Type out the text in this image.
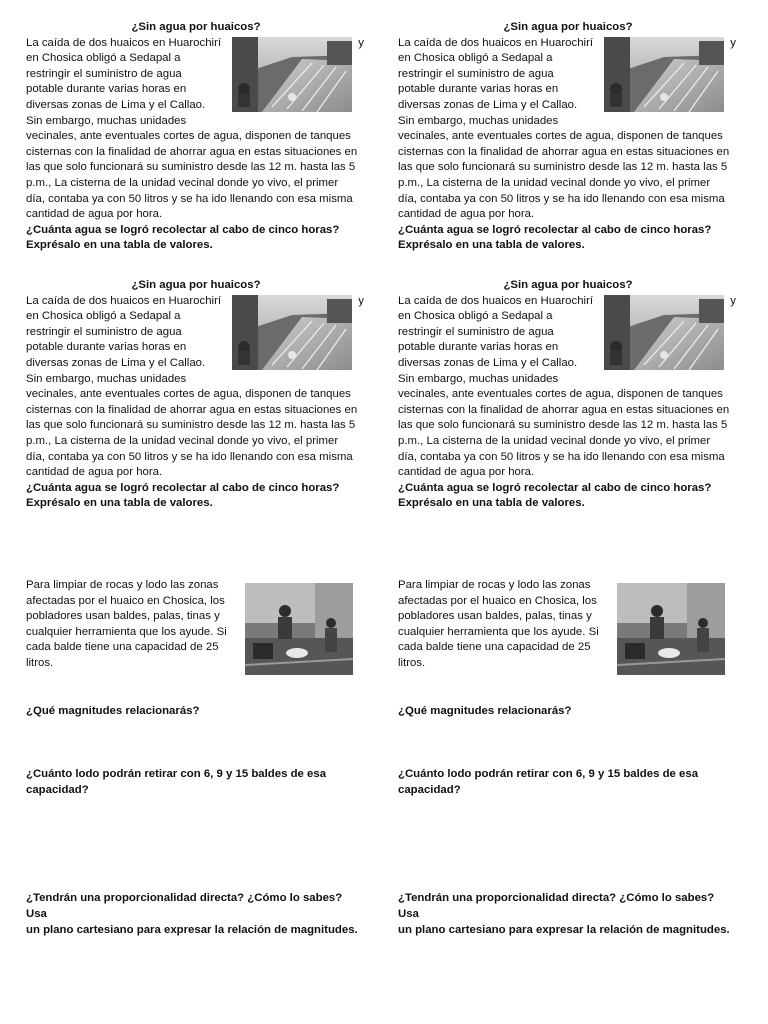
¿Sin agua por huaicos?
La caída de dos huaicos en Huarochirí
en Chosica obligó a Sedapal a
restringir el suministro de agua
potable durante varias horas en
diversas zonas de Lima y el Callao.
Sin embargo, muchas unidades
y
vecinales, ante eventuales cortes de agua, disponen de tanques
cisternas con la finalidad de ahorrar agua en estas situaciones en
las que solo funcionará su suministro desde las 12 m. hasta las 5
p.m., La cisterna de la unidad vecinal donde yo vivo, el primer
día, contaba ya con 50 litros y se ha ido llenando con esa misma
cantidad de agua por hora.
¿Cuánta agua se logró recolectar al cabo de cinco horas?
Exprésalo en una tabla de valores.
¿Sin agua por huaicos?
La caída de dos huaicos en Huarochirí
en Chosica obligó a Sedapal a
restringir el suministro de agua
potable durante varias horas en
diversas zonas de Lima y el Callao.
Sin embargo, muchas unidades
y
vecinales, ante eventuales cortes de agua, disponen de tanques
cisternas con la finalidad de ahorrar agua en estas situaciones en
las que solo funcionará su suministro desde las 12 m. hasta las 5
p.m., La cisterna de la unidad vecinal donde yo vivo, el primer
día, contaba ya con 50 litros y se ha ido llenando con esa misma
cantidad de agua por hora.
¿Cuánta agua se logró recolectar al cabo de cinco horas?
Exprésalo en una tabla de valores.
¿Sin agua por huaicos?
La caída de dos huaicos en Huarochirí
en Chosica obligó a Sedapal a
restringir el suministro de agua
potable durante varias horas en
diversas zonas de Lima y el Callao.
Sin embargo, muchas unidades
y
vecinales, ante eventuales cortes de agua, disponen de tanques
cisternas con la finalidad de ahorrar agua en estas situaciones en
las que solo funcionará su suministro desde las 12 m. hasta las 5
p.m., La cisterna de la unidad vecinal donde yo vivo, el primer
día, contaba ya con 50 litros y se ha ido llenando con esa misma
cantidad de agua por hora.
¿Cuánta agua se logró recolectar al cabo de cinco horas?
Exprésalo en una tabla de valores.
¿Sin agua por huaicos?
La caída de dos huaicos en Huarochirí
en Chosica obligó a Sedapal a
restringir el suministro de agua
potable durante varias horas en
diversas zonas de Lima y el Callao.
Sin embargo, muchas unidades
y
vecinales, ante eventuales cortes de agua, disponen de tanques
cisternas con la finalidad de ahorrar agua en estas situaciones en
las que solo funcionará su suministro desde las 12 m. hasta las 5
p.m., La cisterna de la unidad vecinal donde yo vivo, el primer
día, contaba ya con 50 litros y se ha ido llenando con esa misma
cantidad de agua por hora.
¿Cuánta agua se logró recolectar al cabo de cinco horas?
Exprésalo en una tabla de valores.
Para limpiar de rocas y lodo las zonas
afectadas por el huaico en Chosica, los
pobladores usan baldes, palas, tinas y
cualquier herramienta que los ayude. Si
cada balde tiene una capacidad de 25
litros.
Para limpiar de rocas y lodo las zonas
afectadas por el huaico en Chosica, los
pobladores usan baldes, palas, tinas y
cualquier herramienta que los ayude. Si
cada balde tiene una capacidad de 25
litros.
¿Qué magnitudes relacionarás?
¿Cuánto lodo podrán retirar con 6, 9 y 15 baldes de esa
capacidad?
¿Tendrán una proporcionalidad directa? ¿Cómo lo sabes? Usa
un plano cartesiano para expresar la relación de magnitudes.
¿Qué magnitudes relacionarás?
¿Cuánto lodo podrán retirar con 6, 9 y 15 baldes de esa
capacidad?
¿Tendrán una proporcionalidad directa? ¿Cómo lo sabes? Usa
un plano cartesiano para expresar la relación de magnitudes.
